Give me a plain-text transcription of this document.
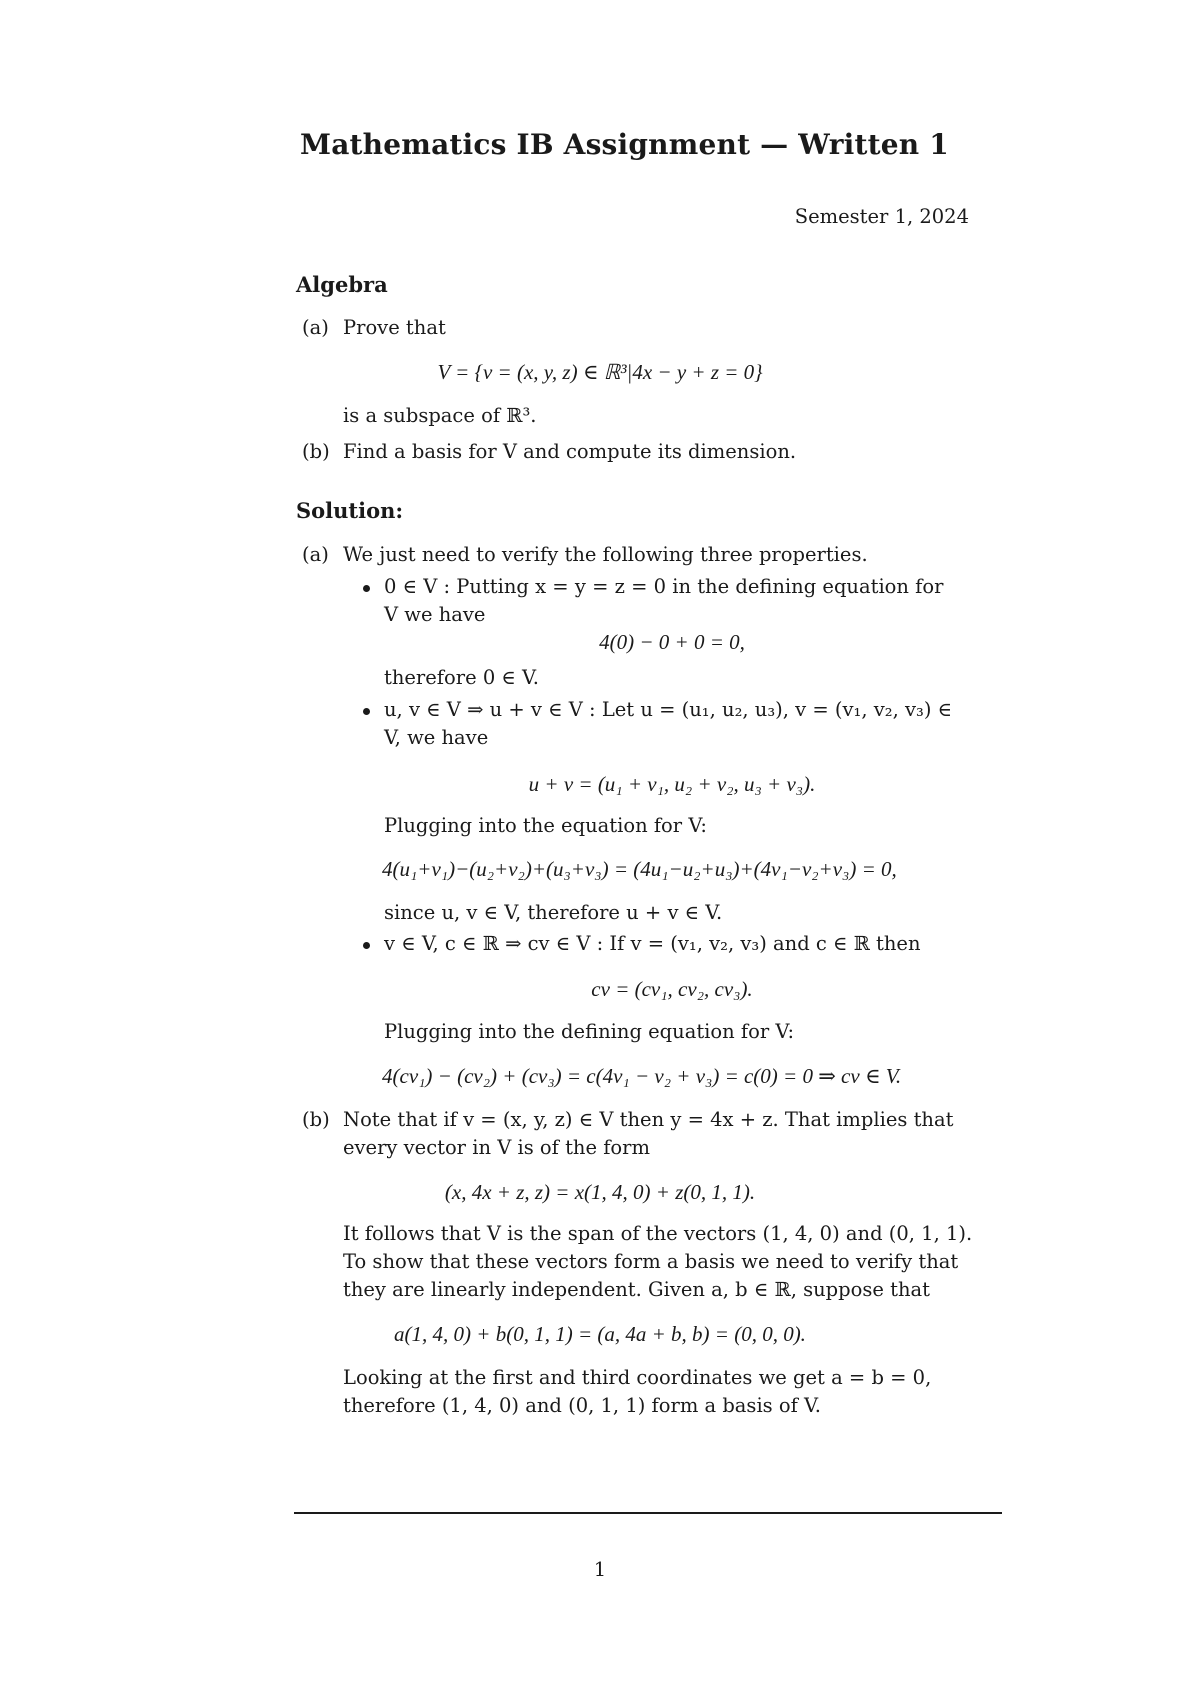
Mathematics IB Assignment — Written 1
Semester 1, 2024
Algebra
(a) Prove that
V = {v = (x, y, z) ∈ ℝ³|4x − y + z = 0}
is a subspace of ℝ³.
(b) Find a basis for V and compute its dimension.
Solution:
(a) We just need to verify the following three properties.
0 ∈ V : Putting x = y = z = 0 in the defining equation for
V we have
4(0) − 0 + 0 = 0,
therefore 0 ∈ V.
u, v ∈ V ⇒ u + v ∈ V : Let u = (u₁, u₂, u₃), v = (v₁, v₂, v₃) ∈
V, we have
u + v = (u₁ + v₁, u₂ + v₂, u₃ + v₃).
Plugging into the equation for V:
4(u₁+v₁)−(u₂+v₂)+(u₃+v₃) = (4u₁−u₂+u₃)+(4v₁−v₂+v₃) = 0,
since u, v ∈ V, therefore u + v ∈ V.
v ∈ V, c ∈ ℝ ⇒ cv ∈ V : If v = (v₁, v₂, v₃) and c ∈ ℝ then
cv = (cv₁, cv₂, cv₃).
Plugging into the defining equation for V:
4(cv₁) − (cv₂) + (cv₃) = c(4v₁ − v₂ + v₃) = c(0) = 0 ⇒ cv ∈ V.
(b) Note that if v = (x, y, z) ∈ V then y = 4x + z. That implies that
every vector in V is of the form
(x, 4x + z, z) = x(1, 4, 0) + z(0, 1, 1).
It follows that V is the span of the vectors (1, 4, 0) and (0, 1, 1).
To show that these vectors form a basis we need to verify that
they are linearly independent. Given a, b ∈ ℝ, suppose that
a(1, 4, 0) + b(0, 1, 1) = (a, 4a + b, b) = (0, 0, 0).
Looking at the first and third coordinates we get a = b = 0,
therefore (1, 4, 0) and (0, 1, 1) form a basis of V.
1
